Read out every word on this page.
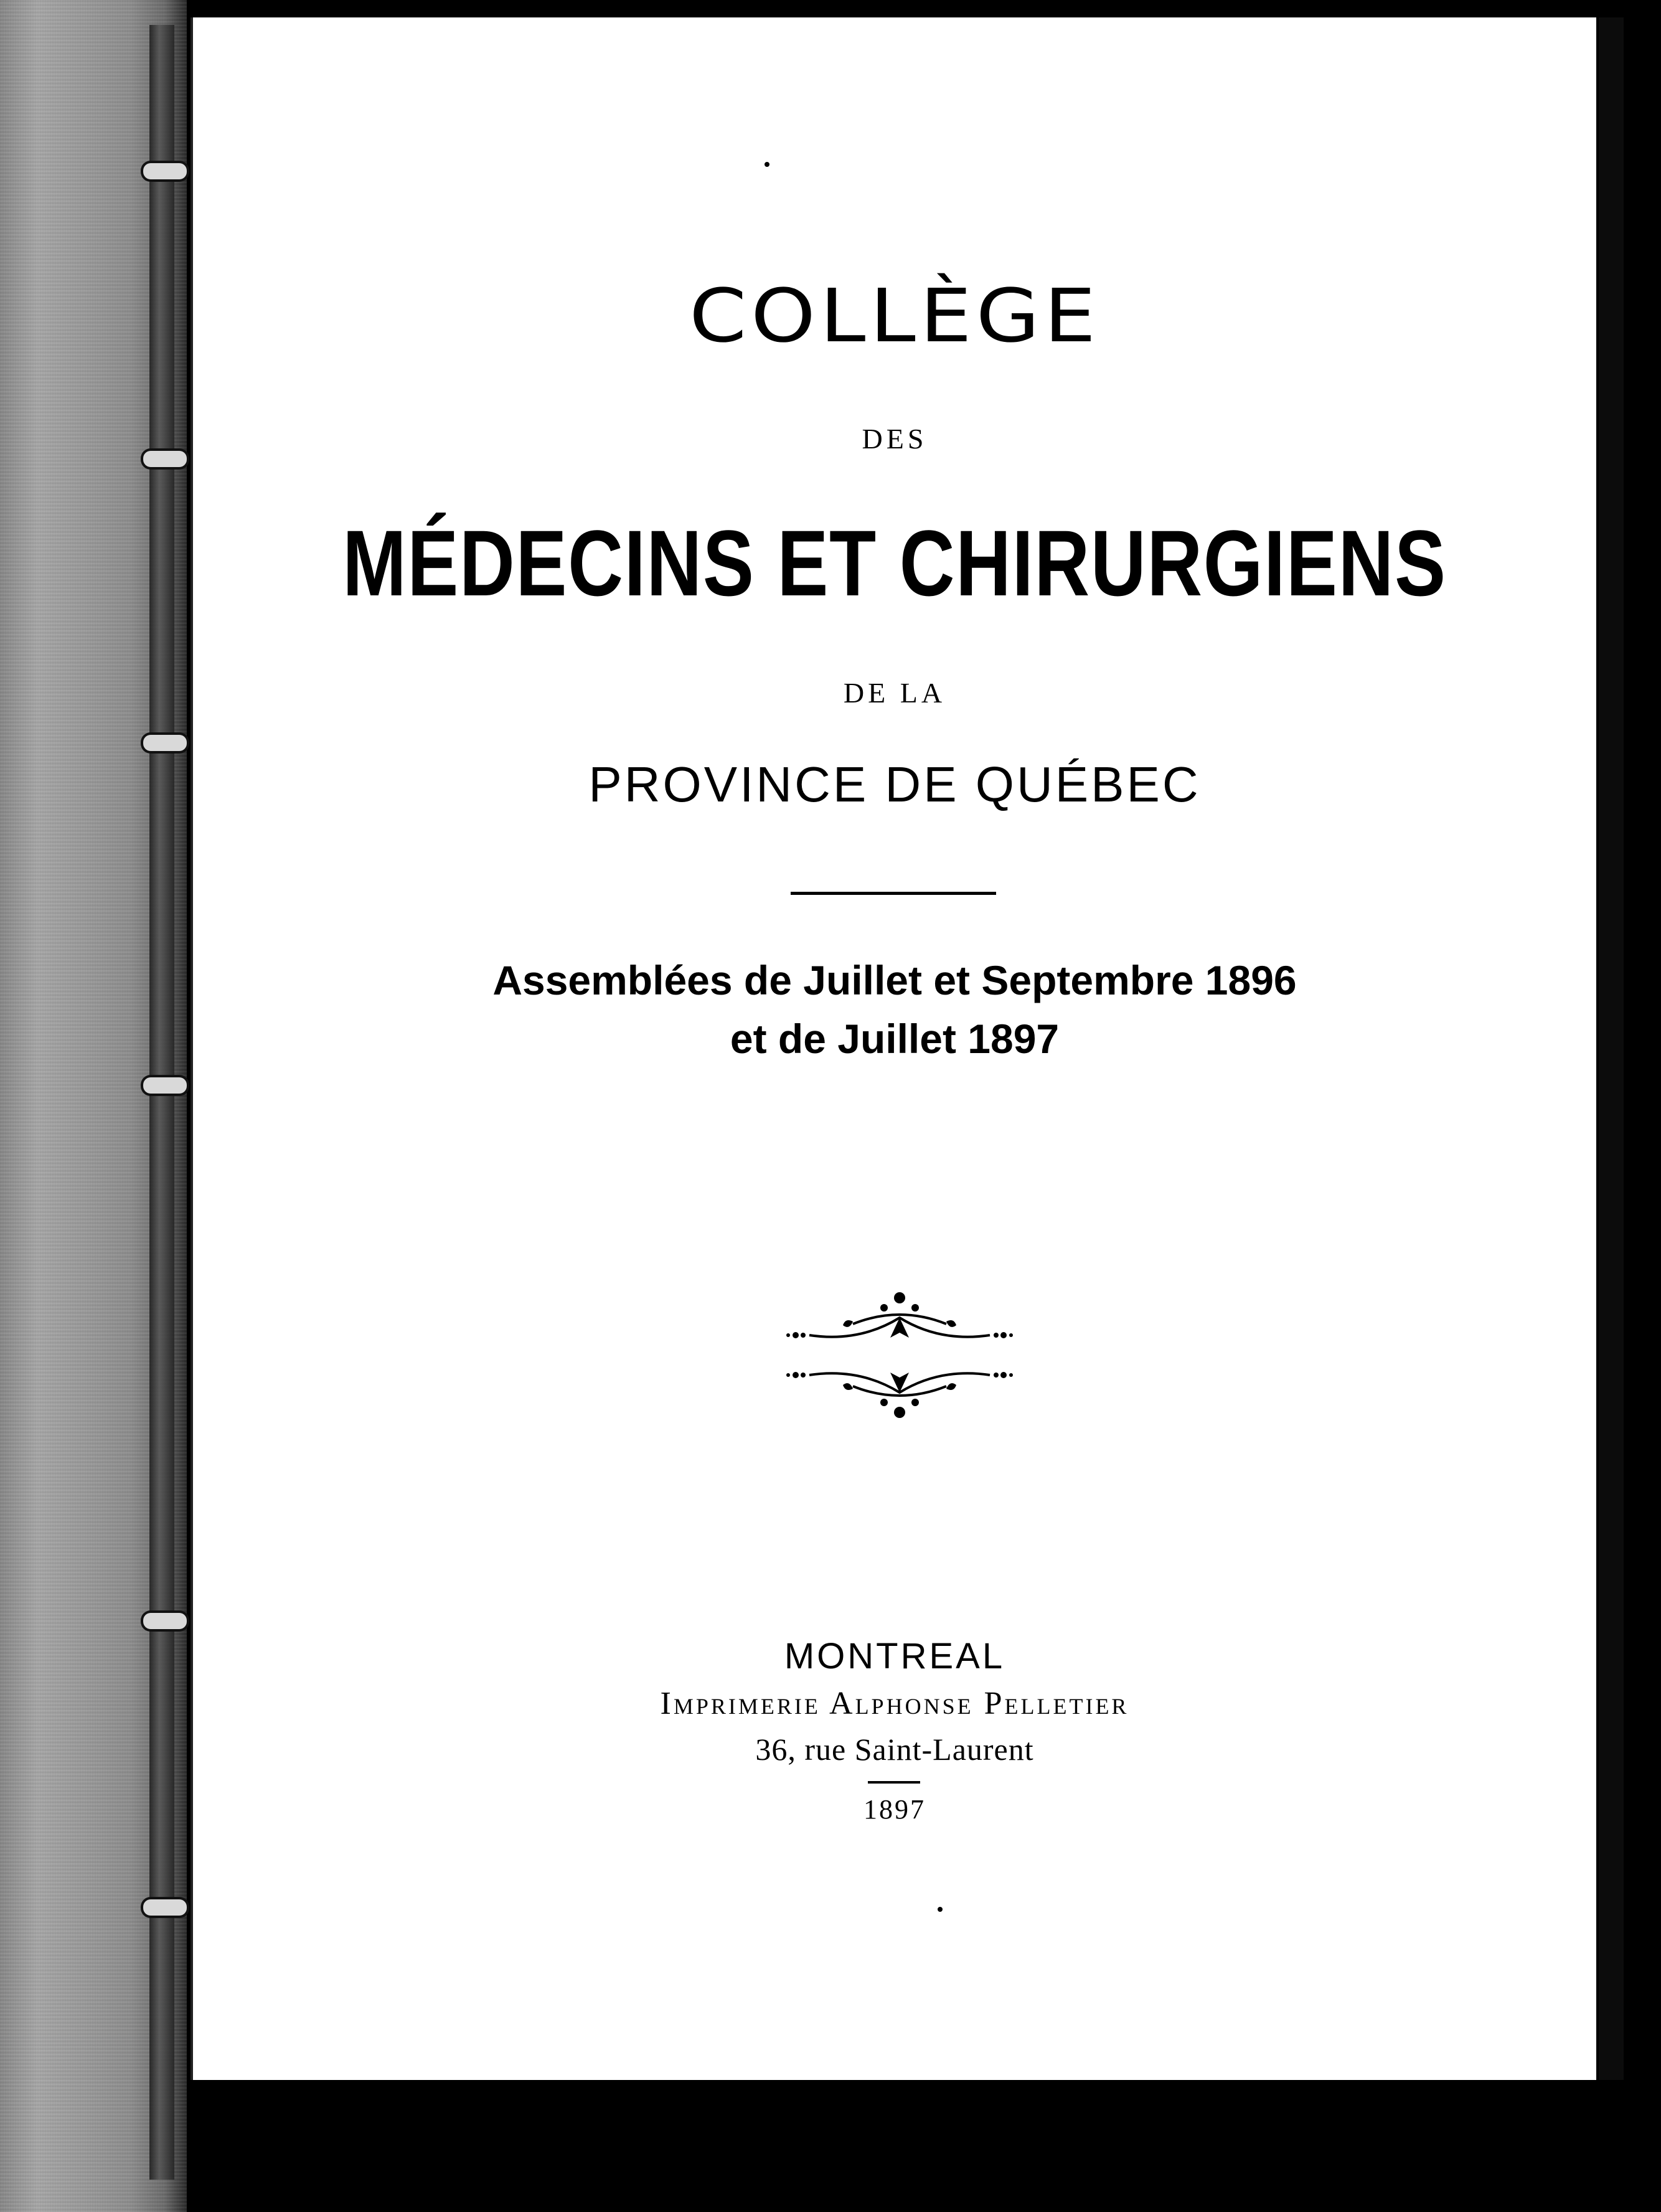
COLLÈGE
DES
MÉDECINS ET CHIRURGIENS
DE LA
PROVINCE DE QUÉBEC
Assemblées de Juillet et Septembre 1896
et de Juillet 1897
MONTREAL
Imprimerie Alphonse Pelletier
36, rue Saint-Laurent
1897
